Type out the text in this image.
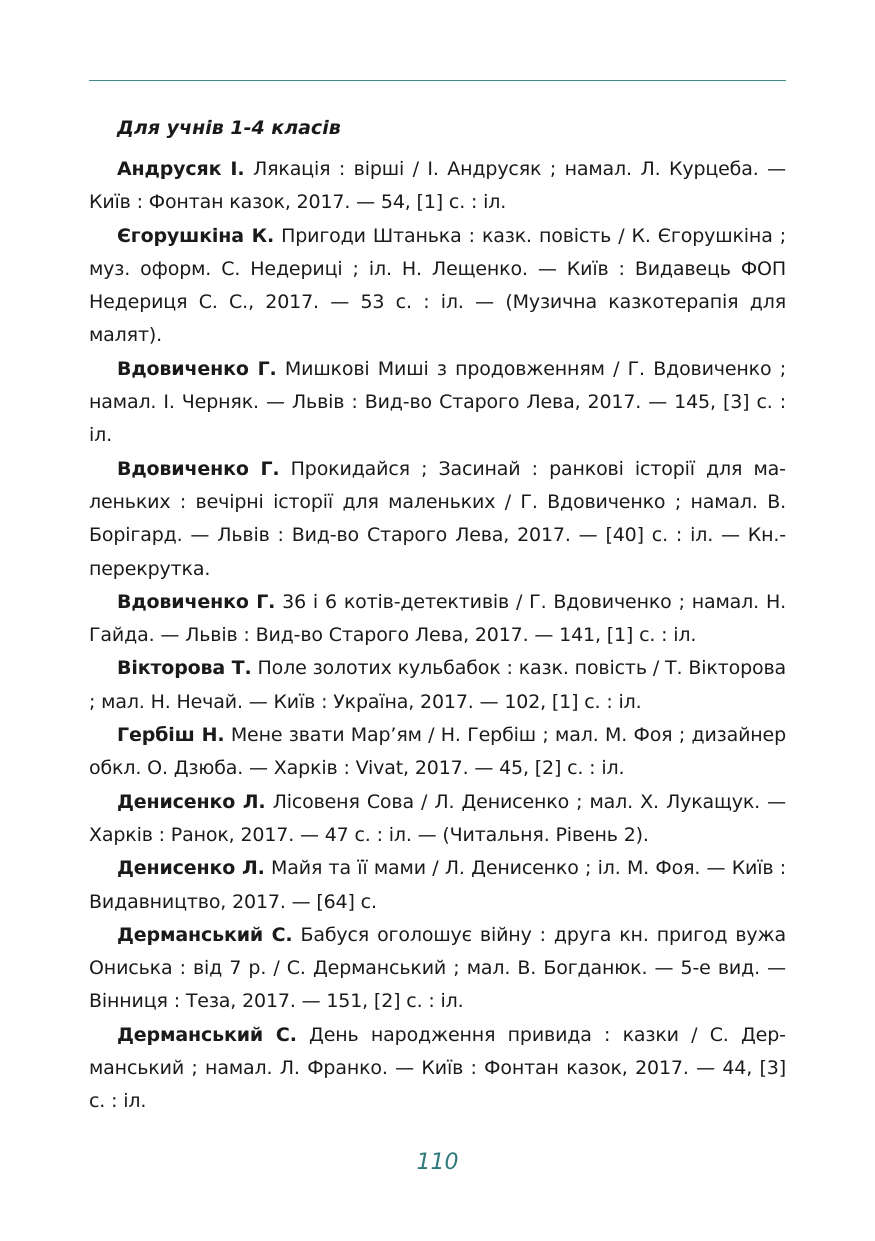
Для учнів 1-4 класів

Андрусяк І. Лякація : вірші / І. Андрусяк ; намал. Л. Курцеба. — Київ : Фонтан казок, 2017. — 54, [1] с. : іл.

Єгорушкіна К. Пригоди Штанька : казк. повість / К. Єгорушкіна ; муз. оформ. С. Недериці ; іл. Н. Лещенко. — Київ : Видавець ФОП Недериця С. С., 2017. — 53 с. : іл. — (Музична казкотерапія для малят).

Вдовиченко Г. Мишкові Миші з продовженням / Г. Вдовиченко ; намал. І. Черняк. — Львів : Вид-во Старого Лева, 2017. — 145, [3] с. : іл.

Вдовиченко Г. Прокидайся ; Засинай : ранкові історії для маленьких : вечірні історії для маленьких / Г. Вдовиченко ; намал. В. Борігард. — Львів : Вид-во Старого Лева, 2017. — [40] с. : іл. — Кн.-перекрутка.

Вдовиченко Г. 36 і 6 котів-детективів / Г. Вдовиченко ; намал. Н. Гайда. — Львів : Вид-во Старого Лева, 2017. — 141, [1] с. : іл.

Вікторова Т. Поле золотих кульбабок : казк. повість / Т. Вікторова ; мал. Н. Нечай. — Київ : Україна, 2017. — 102, [1] с. : іл.

Гербіш Н. Мене звати Мар’ям / Н. Гербіш ; мал. М. Фоя ; дизайнер обкл. О. Дзюба. — Харків : Vivat, 2017. — 45, [2] с. : іл.

Денисенко Л. Лісовеня Сова / Л. Денисенко ; мал. Х. Лукащук. — Харків : Ранок, 2017. — 47 с. : іл. — (Читальня. Рівень 2).

Денисенко Л. Майя та її мами / Л. Денисенко ; іл. М. Фоя. — Київ : Видавництво, 2017. — [64] с.

Дерманський С. Бабуся оголошує війну : друга кн. пригод вужа Ониська : від 7 р. / С. Дерманський ; мал. В. Богданюк. — 5-е вид. — Вінниця : Теза, 2017. — 151, [2] с. : іл.

Дерманський С. День народження привида : казки / С. Дерманський ; намал. Л. Франко. — Київ : Фонтан казок, 2017. — 44, [3] с. : іл.

110
